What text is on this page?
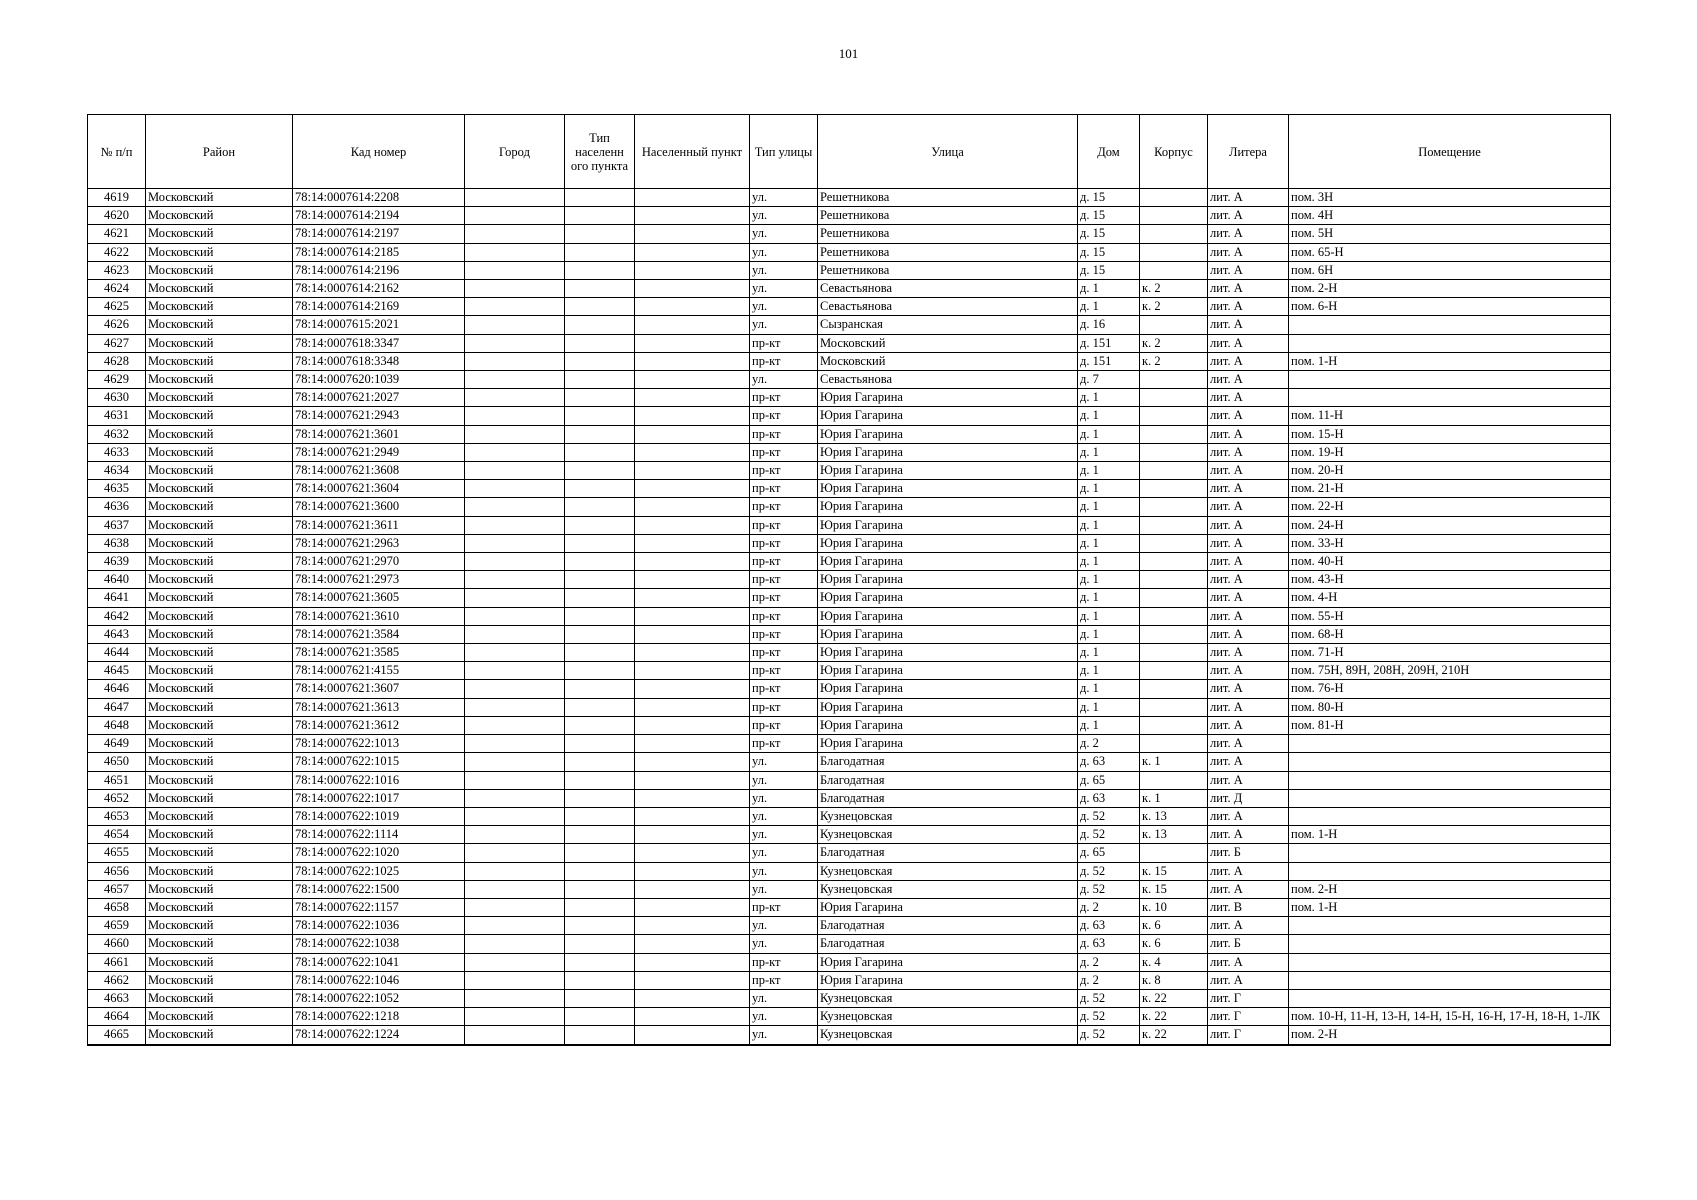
101
№ п/п	Район	Кад номер	Город	Тип населенн ого пункта	Населенный пункт	Тип улицы	Улица	Дом	Корпус	Литера	Помещение
4619	Московский	78:14:0007614:2208				ул.	Решетникова	д. 15		лит. А	пом. 3Н
4620	Московский	78:14:0007614:2194				ул.	Решетникова	д. 15		лит. А	пом. 4Н
4621	Московский	78:14:0007614:2197				ул.	Решетникова	д. 15		лит. А	пом. 5Н
4622	Московский	78:14:0007614:2185				ул.	Решетникова	д. 15		лит. А	пом. 65-Н
4623	Московский	78:14:0007614:2196				ул.	Решетникова	д. 15		лит. А	пом. 6Н
4624	Московский	78:14:0007614:2162				ул.	Севастьянова	д. 1	к. 2	лит. А	пом. 2-Н
4625	Московский	78:14:0007614:2169				ул.	Севастьянова	д. 1	к. 2	лит. А	пом. 6-Н
4626	Московский	78:14:0007615:2021				ул.	Сызранская	д. 16		лит. А	
4627	Московский	78:14:0007618:3347				пр-кт	Московский	д. 151	к. 2	лит. А	
4628	Московский	78:14:0007618:3348				пр-кт	Московский	д. 151	к. 2	лит. А	пом. 1-Н
4629	Московский	78:14:0007620:1039				ул.	Севастьянова	д. 7		лит. А	
4630	Московский	78:14:0007621:2027				пр-кт	Юрия Гагарина	д. 1		лит. А	
4631	Московский	78:14:0007621:2943				пр-кт	Юрия Гагарина	д. 1		лит. А	пом. 11-Н
4632	Московский	78:14:0007621:3601				пр-кт	Юрия Гагарина	д. 1		лит. А	пом. 15-Н
4633	Московский	78:14:0007621:2949				пр-кт	Юрия Гагарина	д. 1		лит. А	пом. 19-Н
4634	Московский	78:14:0007621:3608				пр-кт	Юрия Гагарина	д. 1		лит. А	пом. 20-Н
4635	Московский	78:14:0007621:3604				пр-кт	Юрия Гагарина	д. 1		лит. А	пом. 21-Н
4636	Московский	78:14:0007621:3600				пр-кт	Юрия Гагарина	д. 1		лит. А	пом. 22-Н
4637	Московский	78:14:0007621:3611				пр-кт	Юрия Гагарина	д. 1		лит. А	пом. 24-Н
4638	Московский	78:14:0007621:2963				пр-кт	Юрия Гагарина	д. 1		лит. А	пом. 33-Н
4639	Московский	78:14:0007621:2970				пр-кт	Юрия Гагарина	д. 1		лит. А	пом. 40-Н
4640	Московский	78:14:0007621:2973				пр-кт	Юрия Гагарина	д. 1		лит. А	пом. 43-Н
4641	Московский	78:14:0007621:3605				пр-кт	Юрия Гагарина	д. 1		лит. А	пом. 4-Н
4642	Московский	78:14:0007621:3610				пр-кт	Юрия Гагарина	д. 1		лит. А	пом. 55-Н
4643	Московский	78:14:0007621:3584				пр-кт	Юрия Гагарина	д. 1		лит. А	пом. 68-Н
4644	Московский	78:14:0007621:3585				пр-кт	Юрия Гагарина	д. 1		лит. А	пом. 71-Н
4645	Московский	78:14:0007621:4155				пр-кт	Юрия Гагарина	д. 1		лит. А	пом. 75Н, 89Н, 208Н, 209Н, 210Н
4646	Московский	78:14:0007621:3607				пр-кт	Юрия Гагарина	д. 1		лит. А	пом. 76-Н
4647	Московский	78:14:0007621:3613				пр-кт	Юрия Гагарина	д. 1		лит. А	пом. 80-Н
4648	Московский	78:14:0007621:3612				пр-кт	Юрия Гагарина	д. 1		лит. А	пом. 81-Н
4649	Московский	78:14:0007622:1013				пр-кт	Юрия Гагарина	д. 2		лит. А	
4650	Московский	78:14:0007622:1015				ул.	Благодатная	д. 63	к. 1	лит. А	
4651	Московский	78:14:0007622:1016				ул.	Благодатная	д. 65		лит. А	
4652	Московский	78:14:0007622:1017				ул.	Благодатная	д. 63	к. 1	лит. Д	
4653	Московский	78:14:0007622:1019				ул.	Кузнецовская	д. 52	к. 13	лит. А	
4654	Московский	78:14:0007622:1114				ул.	Кузнецовская	д. 52	к. 13	лит. А	пом. 1-Н
4655	Московский	78:14:0007622:1020				ул.	Благодатная	д. 65		лит. Б	
4656	Московский	78:14:0007622:1025				ул.	Кузнецовская	д. 52	к. 15	лит. А	
4657	Московский	78:14:0007622:1500				ул.	Кузнецовская	д. 52	к. 15	лит. А	пом. 2-Н
4658	Московский	78:14:0007622:1157				пр-кт	Юрия Гагарина	д. 2	к. 10	лит. В	пом. 1-Н
4659	Московский	78:14:0007622:1036				ул.	Благодатная	д. 63	к. 6	лит. А	
4660	Московский	78:14:0007622:1038				ул.	Благодатная	д. 63	к. 6	лит. Б	
4661	Московский	78:14:0007622:1041				пр-кт	Юрия Гагарина	д. 2	к. 4	лит. А	
4662	Московский	78:14:0007622:1046				пр-кт	Юрия Гагарина	д. 2	к. 8	лит. А	
4663	Московский	78:14:0007622:1052				ул.	Кузнецовская	д. 52	к. 22	лит. Г	
4664	Московский	78:14:0007622:1218				ул.	Кузнецовская	д. 52	к. 22	лит. Г	пом. 10-Н, 11-Н, 13-Н, 14-Н, 15-Н, 16-Н, 17-Н, 18-Н, 1-ЛК
4665	Московский	78:14:0007622:1224				ул.	Кузнецовская	д. 52	к. 22	лит. Г	пом. 2-Н
